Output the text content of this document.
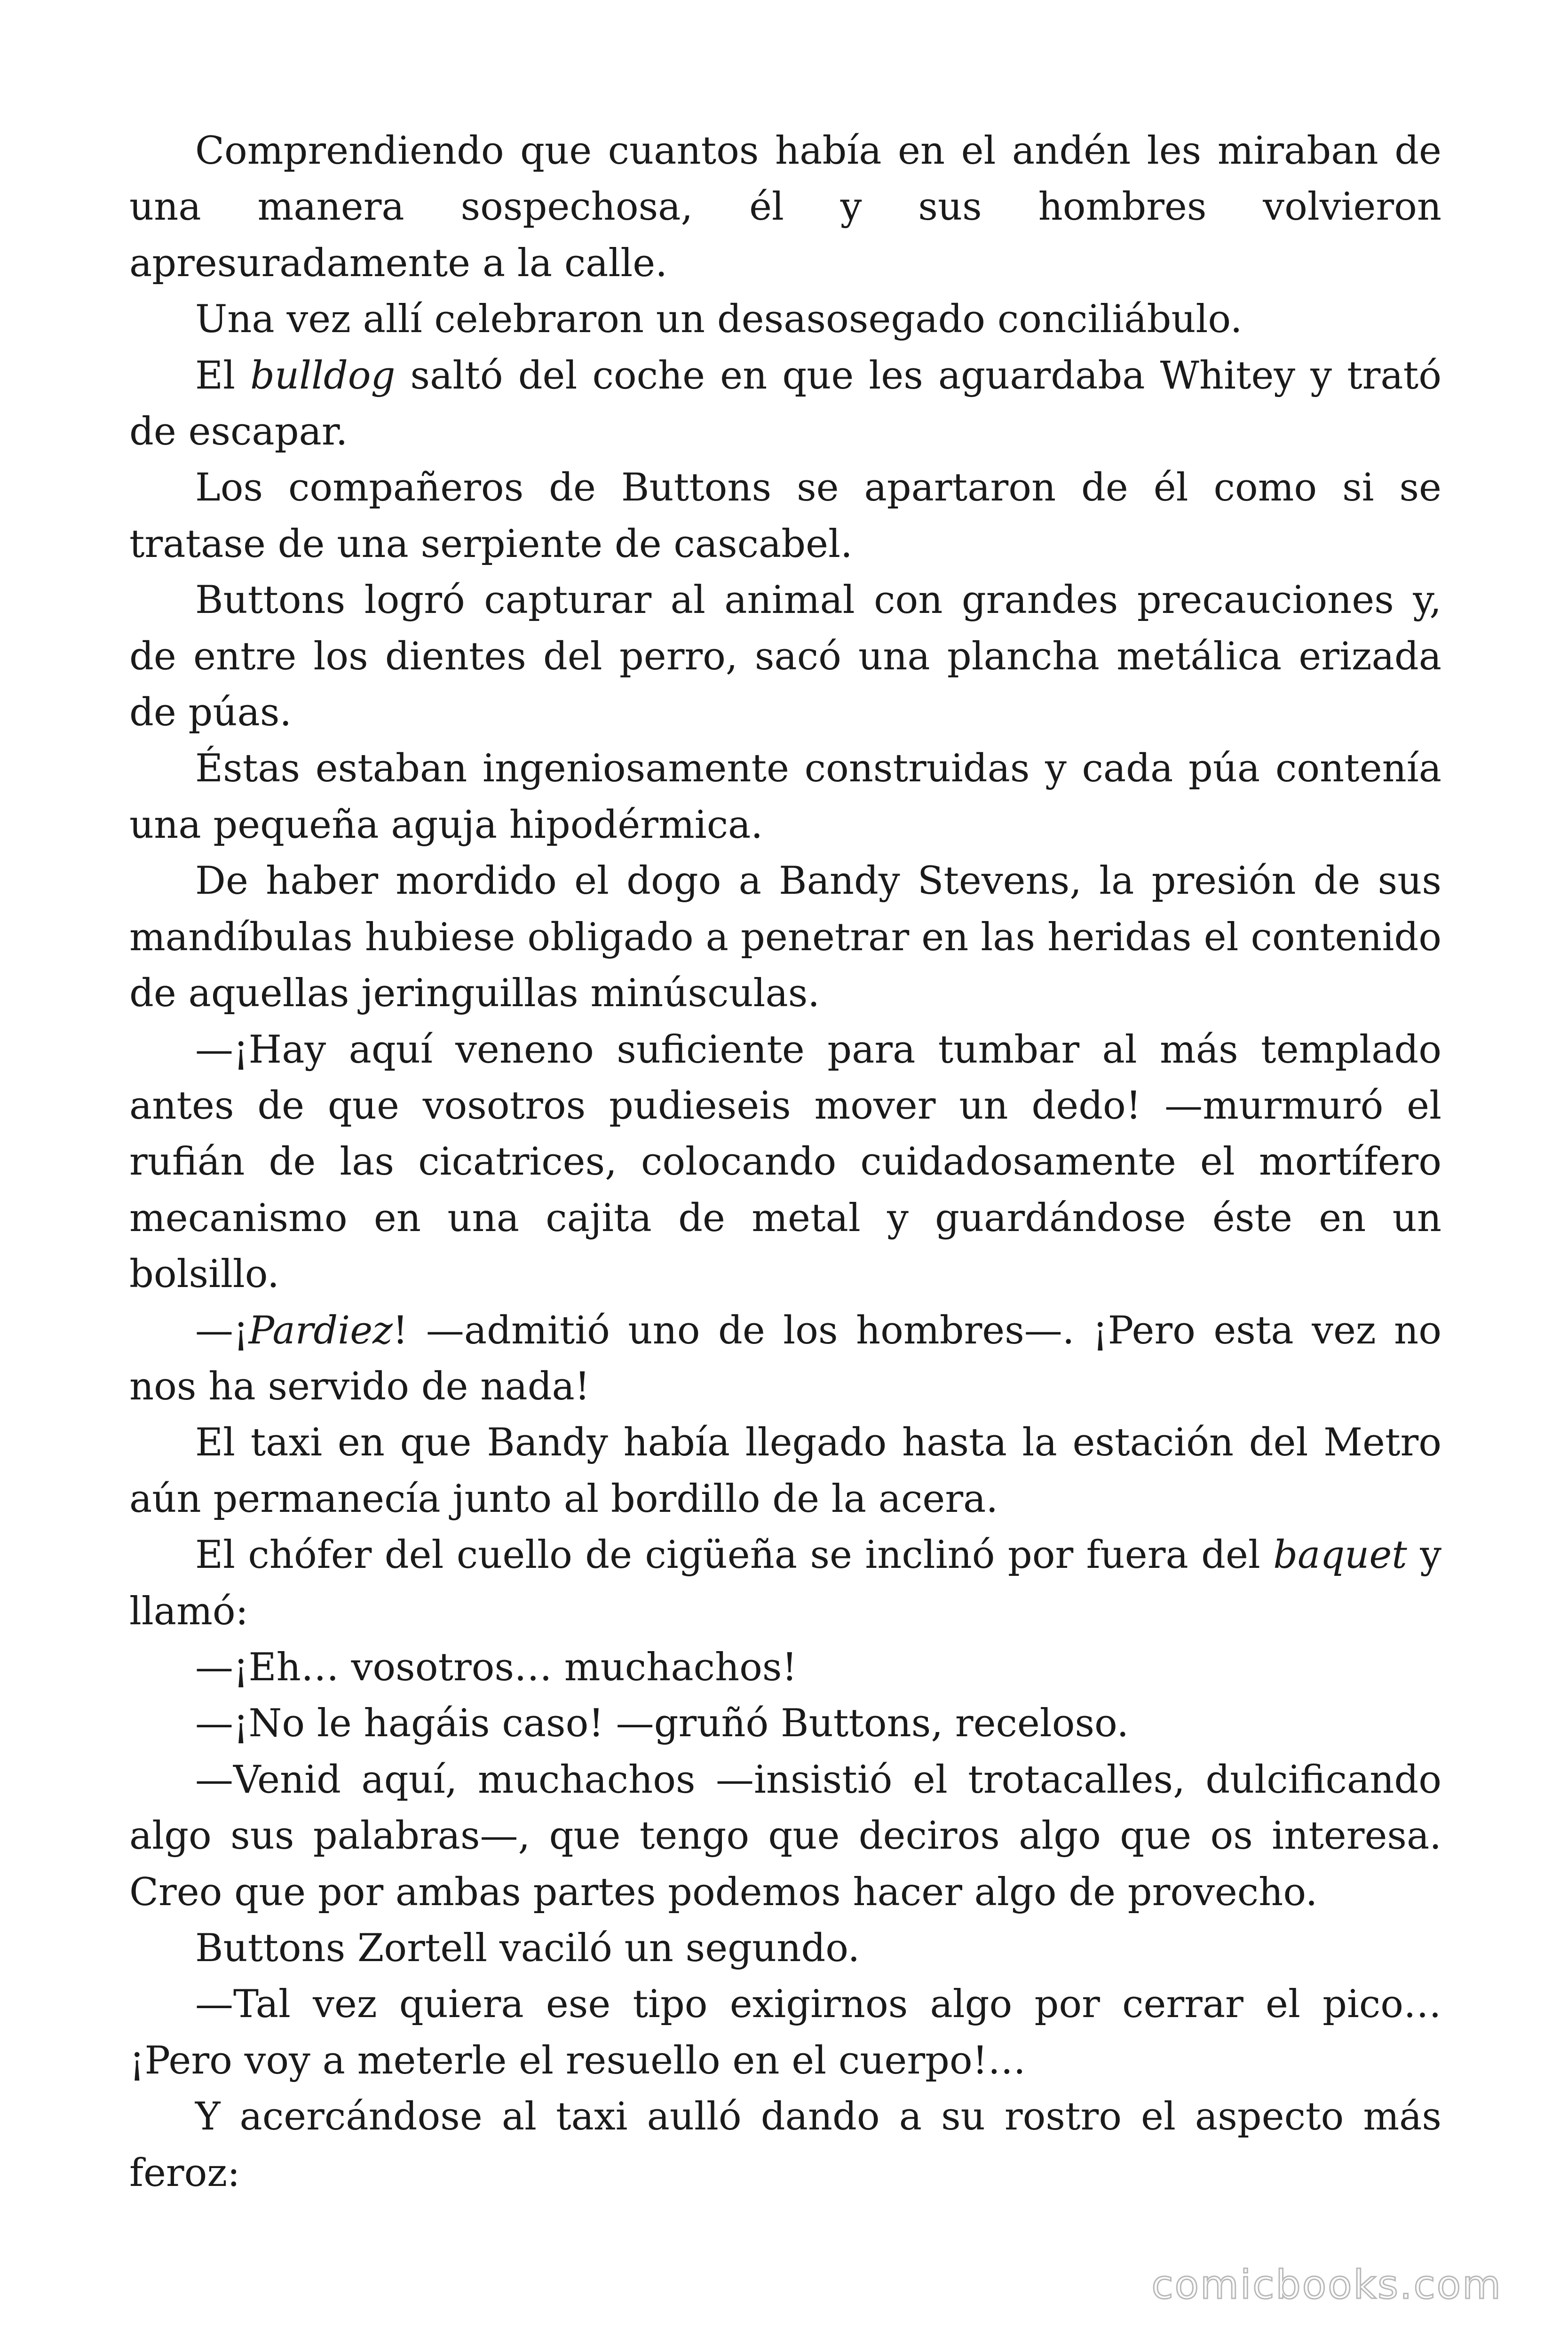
Comprendiendo que cuantos había en el andén les miraban de una manera sospechosa, él y sus hombres volvieron apresuradamente a la calle.

Una vez allí celebraron un desasosegado conciliábulo.

El bulldog saltó del coche en que les aguardaba Whitey y trató de escapar.

Los compañeros de Buttons se apartaron de él como si se tratase de una serpiente de cascabel.

Buttons logró capturar al animal con grandes precauciones y, de entre los dientes del perro, sacó una plancha metálica erizada de púas.

Éstas estaban ingeniosamente construidas y cada púa contenía una pequeña aguja hipodérmica.

De haber mordido el dogo a Bandy Stevens, la presión de sus mandíbulas hubiese obligado a penetrar en las heridas el contenido de aquellas jeringuillas minúsculas.

—¡Hay aquí veneno suficiente para tumbar al más templado antes de que vosotros pudieseis mover un dedo! —murmuró el rufián de las cicatrices, colocando cuidadosamente el mortífero mecanismo en una cajita de metal y guardándose éste en un bolsillo.

—¡Pardiez! —admitió uno de los hombres—. ¡Pero esta vez no nos ha servido de nada!

El taxi en que Bandy había llegado hasta la estación del Metro aún permanecía junto al bordillo de la acera.

El chófer del cuello de cigüeña se inclinó por fuera del baquet y llamó:

—¡Eh… vosotros… muchachos!

—¡No le hagáis caso! —gruñó Buttons, receloso.

—Venid aquí, muchachos —insistió el trotacalles, dulcificando algo sus palabras—, que tengo que deciros algo que os interesa. Creo que por ambas partes podemos hacer algo de provecho.

Buttons Zortell vaciló un segundo.

—Tal vez quiera ese tipo exigirnos algo por cerrar el pico… ¡Pero voy a meterle el resuello en el cuerpo!…

Y acercándose al taxi aulló dando a su rostro el aspecto más feroz:

comicbooks.com
